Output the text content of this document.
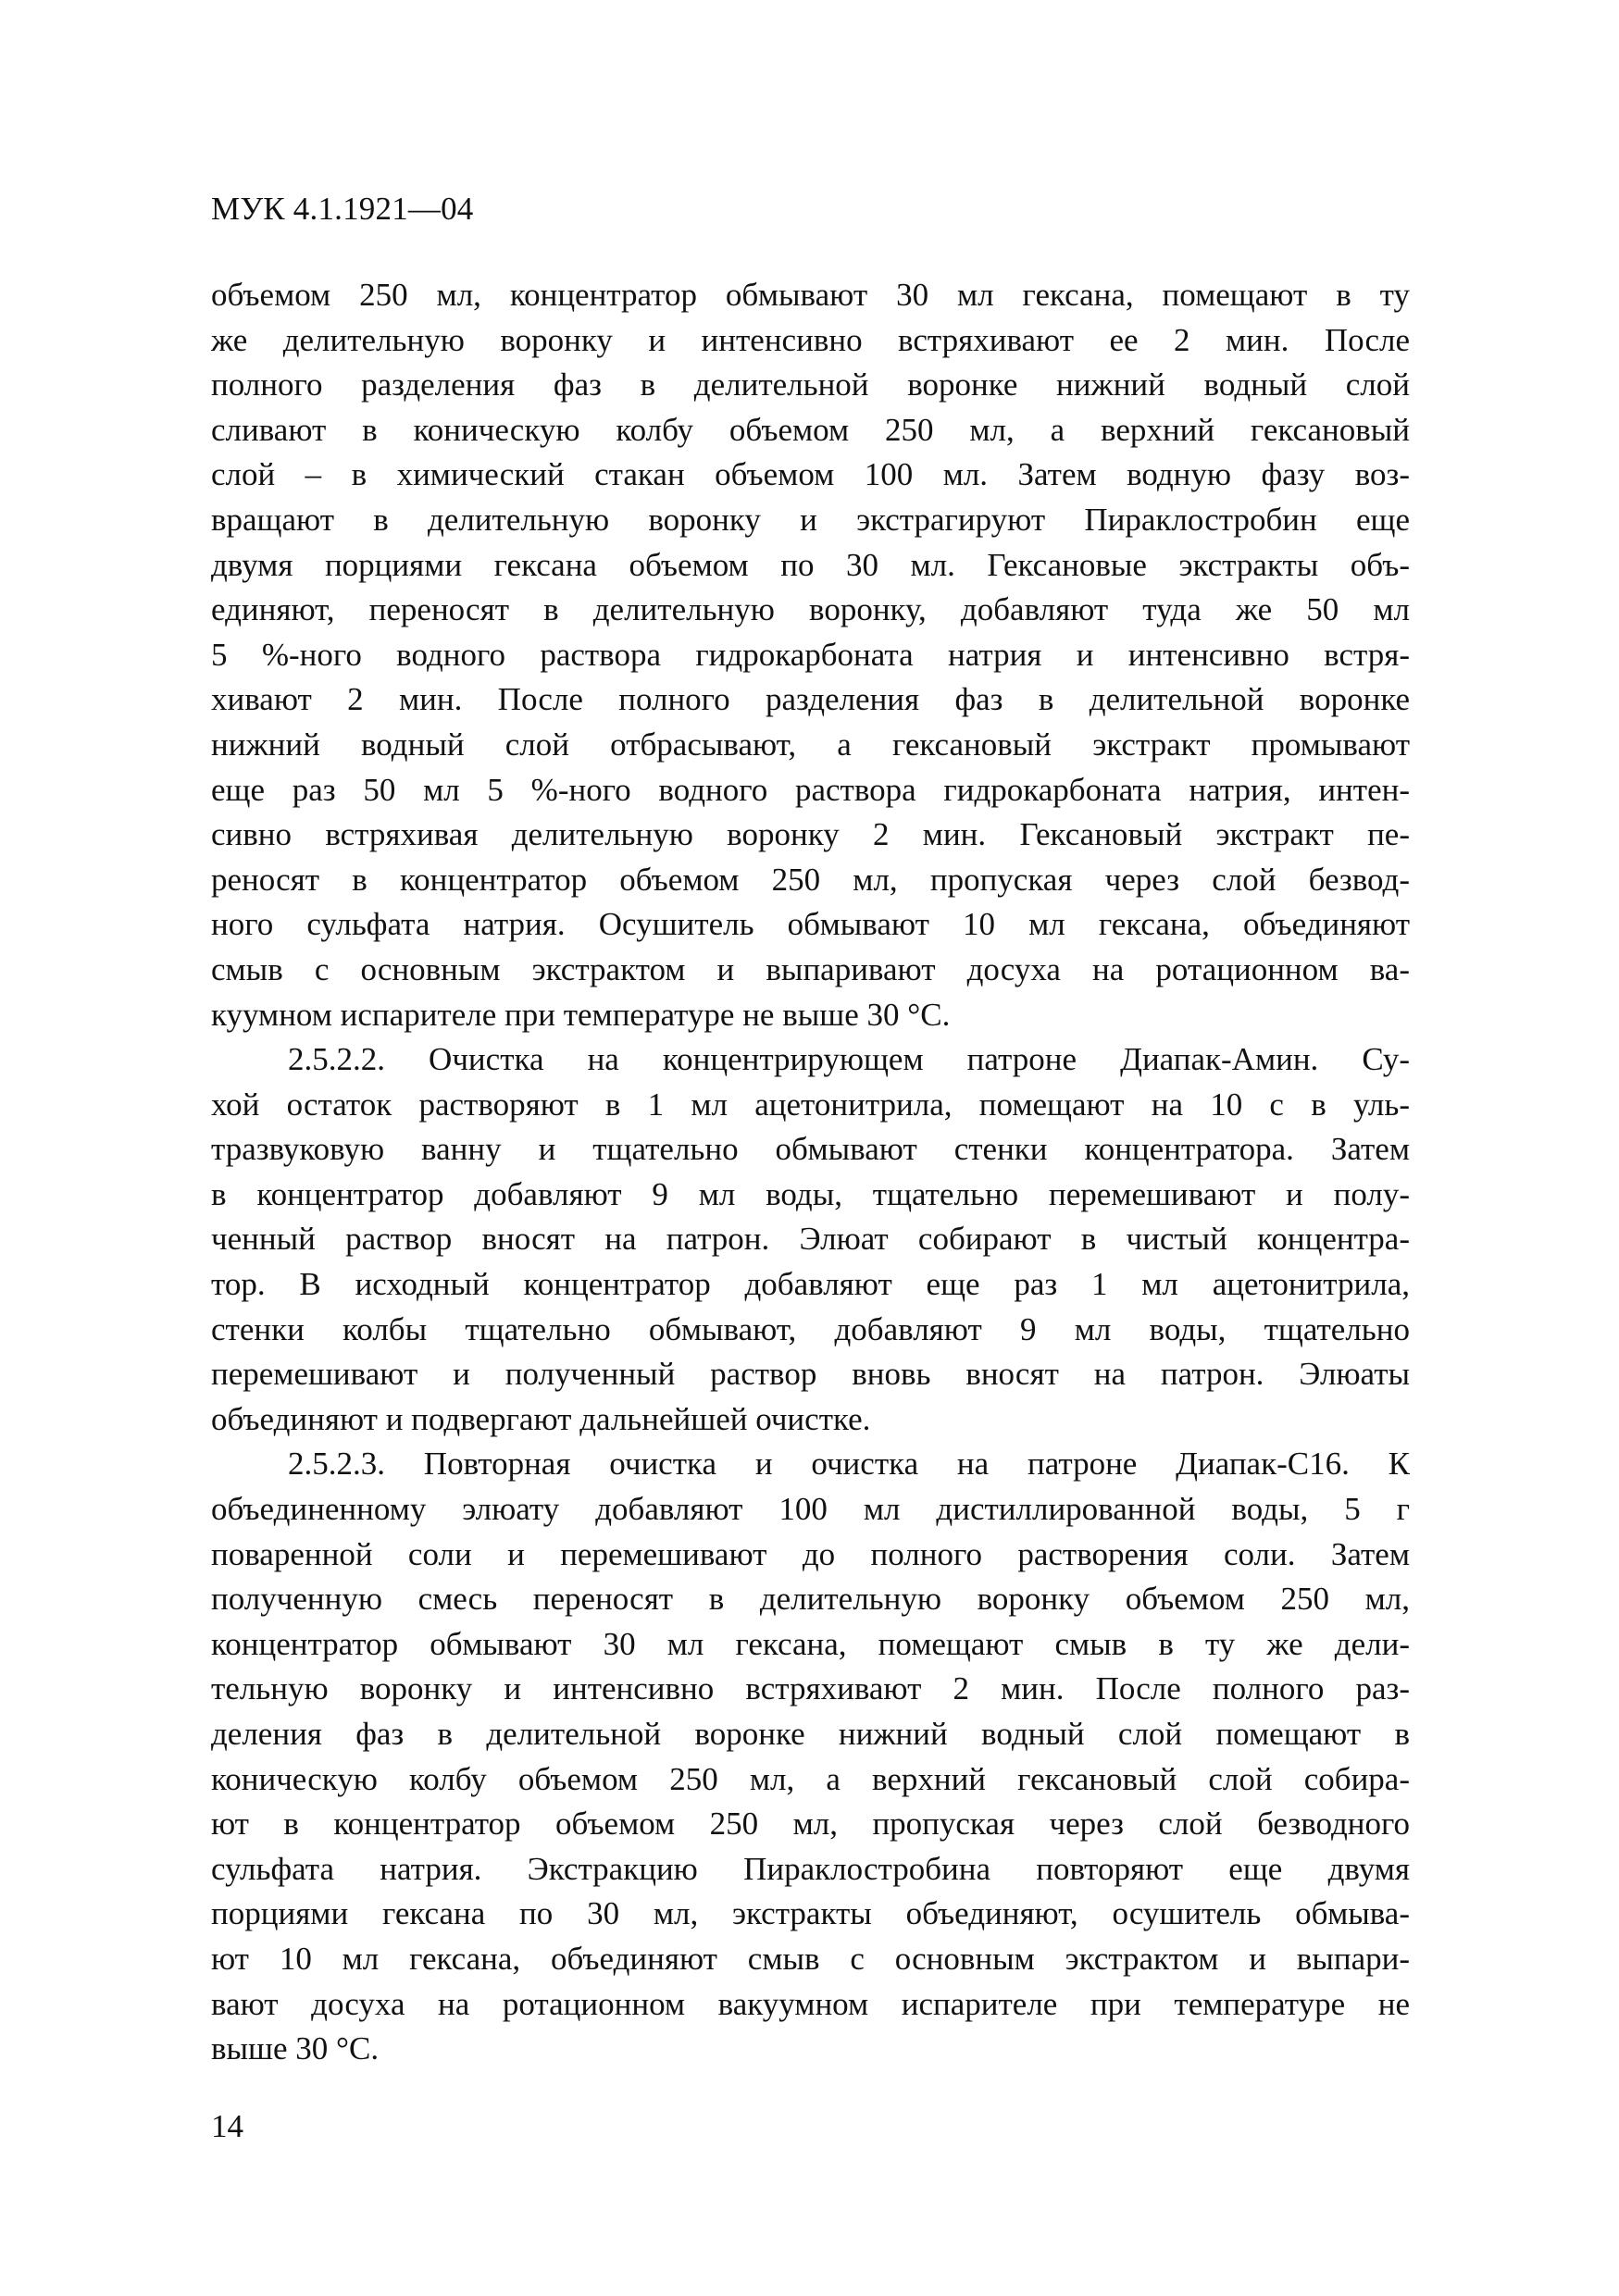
МУК 4.1.1921—04
объемом 250 мл, концентратор обмывают 30 мл гексана, помещают в ту
же делительную воронку и интенсивно встряхивают ее 2 мин. После
полного разделения фаз в делительной воронке нижний водный слой
сливают в коническую колбу объемом 250 мл, а верхний гексановый
слой – в химический стакан объемом 100 мл. Затем водную фазу воз-
вращают в делительную воронку и экстрагируют Пираклостробин еще
двумя порциями гексана объемом по 30 мл. Гексановые экстракты объ-
единяют, переносят в делительную воронку, добавляют туда же 50 мл
5 %-ного водного раствора гидрокарбоната натрия и интенсивно встря-
хивают 2 мин. После полного разделения фаз в делительной воронке
нижний водный слой отбрасывают, а гексановый экстракт промывают
еще раз 50 мл 5 %-ного водного раствора гидрокарбоната натрия, интен-
сивно встряхивая делительную воронку 2 мин. Гексановый экстракт пе-
реносят в концентратор объемом 250 мл, пропуская через слой безвод-
ного сульфата натрия. Осушитель обмывают 10 мл гексана, объединяют
смыв с основным экстрактом и выпаривают досуха на ротационном ва-
куумном испарителе при температуре не выше 30 °С.
2.5.2.2. Очистка на концентрирующем патроне Диапак-Амин. Су-
хой остаток растворяют в 1 мл ацетонитрила, помещают на 10 с в уль-
тразвуковую ванну и тщательно обмывают стенки концентратора. Затем
в концентратор добавляют 9 мл воды, тщательно перемешивают и полу-
ченный раствор вносят на патрон. Элюат собирают в чистый концентра-
тор. В исходный концентратор добавляют еще раз 1 мл ацетонитрила,
стенки колбы тщательно обмывают, добавляют 9 мл воды, тщательно
перемешивают и полученный раствор вновь вносят на патрон. Элюаты
объединяют и подвергают дальнейшей очистке.
2.5.2.3. Повторная очистка и очистка на патроне Диапак-С16. К
объединенному элюату добавляют 100 мл дистиллированной воды, 5 г
поваренной соли и перемешивают до полного растворения соли. Затем
полученную смесь переносят в делительную воронку объемом 250 мл,
концентратор обмывают 30 мл гексана, помещают смыв в ту же дели-
тельную воронку и интенсивно встряхивают 2 мин. После полного раз-
деления фаз в делительной воронке нижний водный слой помещают в
коническую колбу объемом 250 мл, а верхний гексановый слой собира-
ют в концентратор объемом 250 мл, пропуская через слой безводного
сульфата натрия. Экстракцию Пираклостробина повторяют еще двумя
порциями гексана по 30 мл, экстракты объединяют, осушитель обмыва-
ют 10 мл гексана, объединяют смыв с основным экстрактом и выпари-
вают досуха на ротационном вакуумном испарителе при температуре не
выше 30 °С.
14
